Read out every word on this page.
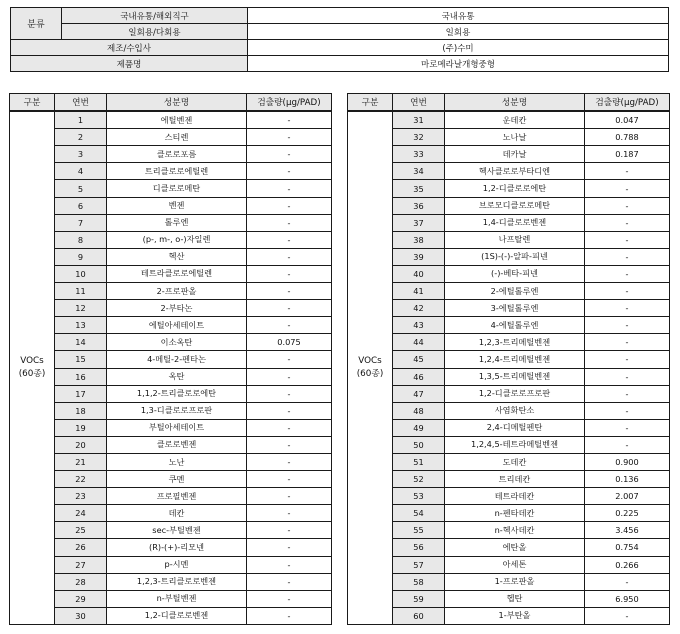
분류	국내유통/해외직구	국내유통
	일회용/다회용	일회용
제조/수입사		(주)수미
제품명		마로메라날개형중형
구분	연번	성분명	검출량(μg/PAD)

VOCs
(60종)	1	에틸벤젠	-
	2	스티렌	-
	3	클로로포름	-
	4	트리클로로에틸렌	-
	5	디클로로메탄	-
	6	벤젠	-
	7	톨루엔	-
	8	(p-, m-, o-)자일렌	-
	9	헥산	-
	10	테트라클로로에틸렌	-
	11	2-프로판올	-
	12	2-부타논	-
	13	에틸아세테이트	-
	14	이소옥탄	0.075
	15	4-메틸-2-펜타논	-
	16	옥탄	-
	17	1,1,2-트리클로로에탄	-
	18	1,3-디클로로프로판	-
	19	부틸아세테이트	-
	20	클로로벤젠	-
	21	노난	-
	22	쿠멘	-
	23	프로필벤젠	-
	24	데칸	-
	25	sec-부틸벤젠	-
	26	(R)-(+)-리모넨	-
	27	p-시멘	-
	28	1,2,3-트리클로로벤젠	-
	29	n-부틸벤젠	-
	30	1,2-디클로로벤젠	-
구분	연번	성분명	검출량(μg/PAD)

VOCs
(60종)	31	운데칸	0.047
	32	노나날	0.788
	33	데카날	0.187
	34	헥사클로로부타디엔	-
	35	1,2-디클로로에탄	-
	36	브로모디클로로메탄	-
	37	1,4-디클로로벤젠	-
	38	나프탈렌	-
	39	(1S)-(-)-알파-피넨	-
	40	(-)-베타-피넨	-
	41	2-에틸톨루엔	-
	42	3-에틸톨루엔	-
	43	4-에틸톨루엔	-
	44	1,2,3-트리메틸벤젠	-
	45	1,2,4-트리메틸벤젠	-
	46	1,3,5-트리메틸벤젠	-
	47	1,2-디클로로프로판	-
	48	사염화탄소	-
	49	2,4-디메틸펜탄	-
	50	1,2,4,5-테트라메틸벤젠	-
	51	도데칸	0.900
	52	트리데칸	0.136
	53	테트라데칸	2.007
	54	n-펜타데칸	0.225
	55	n-헥사데칸	3.456
	56	에탄올	0.754
	57	아세톤	0.266
	58	1-프로판올	-
	59	헵탄	6.950
	60	1-부탄올	-
